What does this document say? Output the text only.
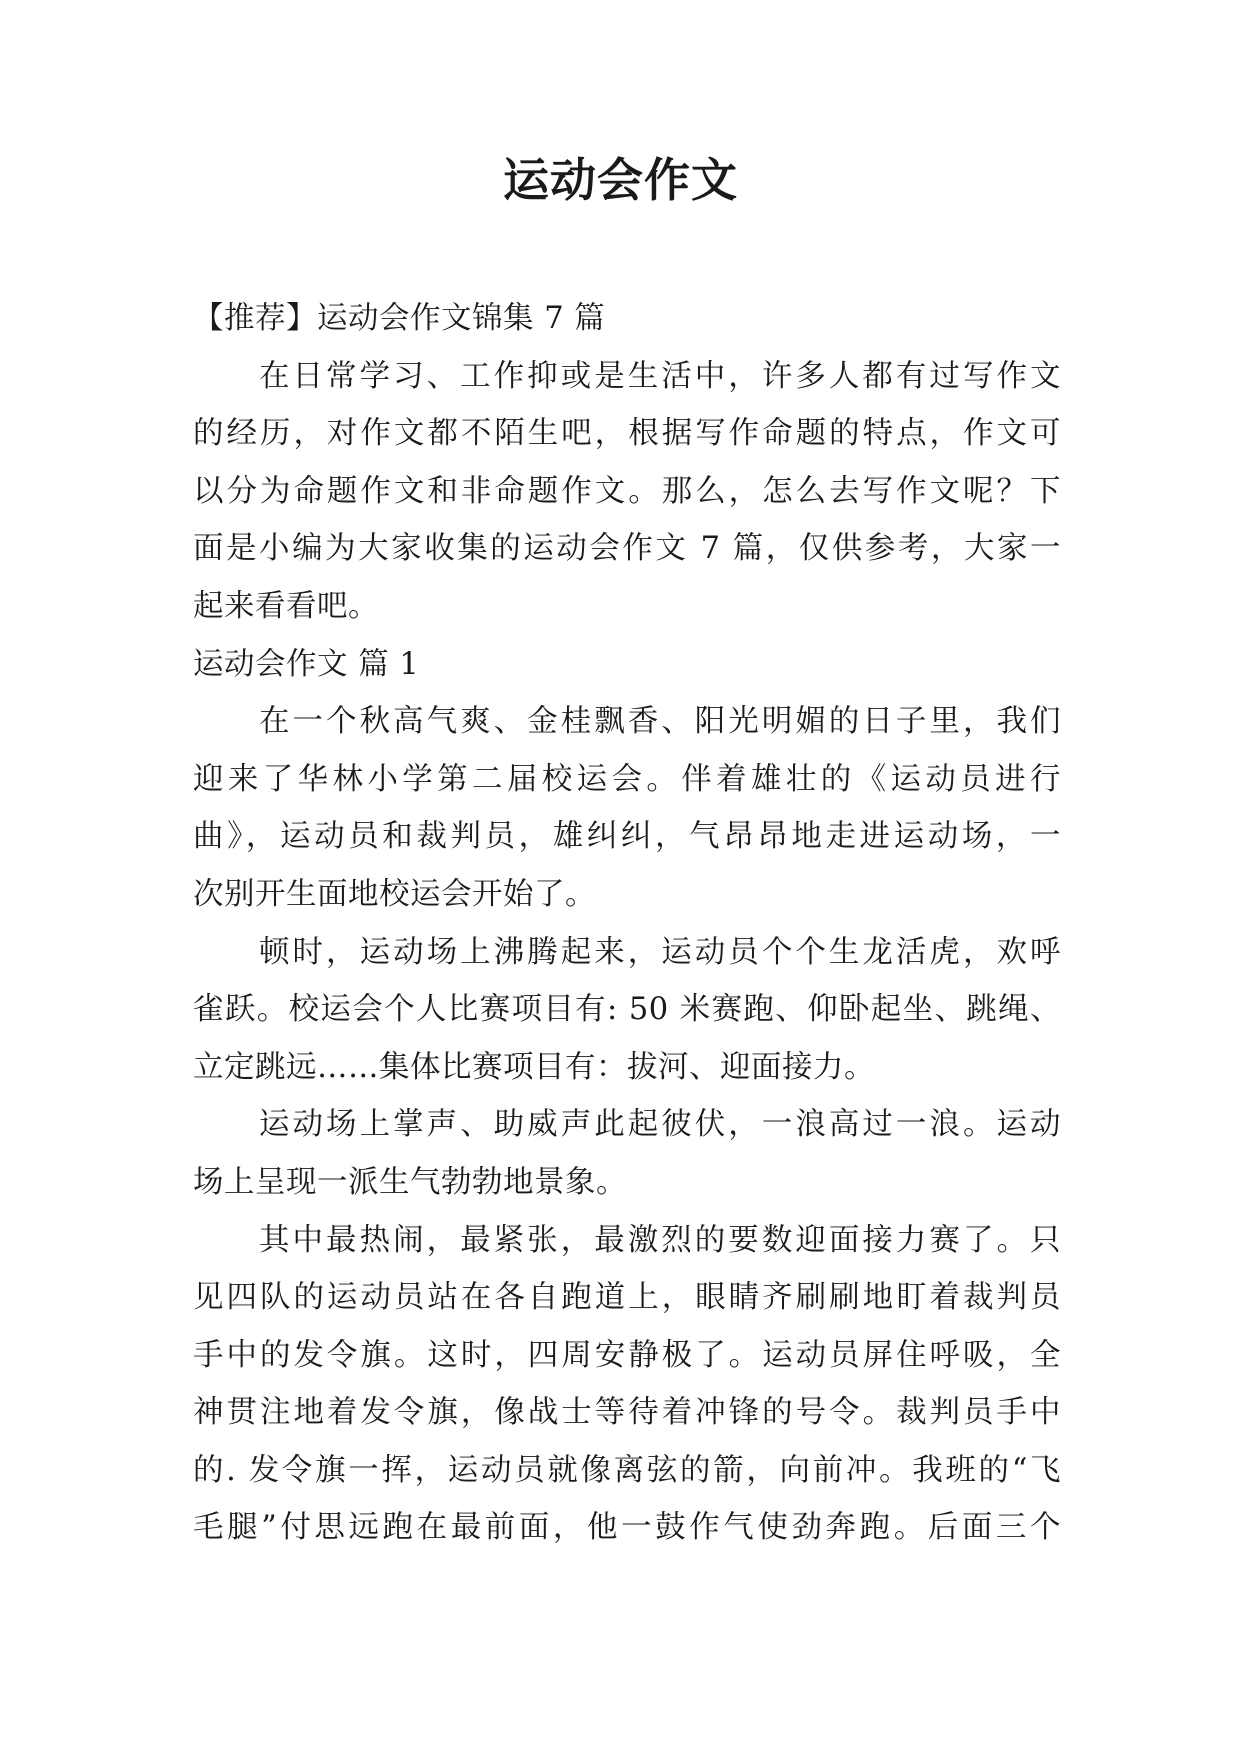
运动会作文

【推荐】运动会作文锦集 7 篇

在日常学习、工作抑或是生活中，许多人都有过写作文

的经历，对作文都不陌生吧，根据写作命题的特点，作文可

以分为命题作文和非命题作文。那么，怎么去写作文呢？下

面是小编为大家收集的运动会作文 7 篇，仅供参考，大家一

起来看看吧。

运动会作文 篇 1

在一个秋高气爽、金桂飘香、阳光明媚的日子里，我们

迎来了华林小学第二届校运会。伴着雄壮的《运动员进行

曲》，运动员和裁判员，雄纠纠，气昂昂地走进运动场，一

次别开生面地校运会开始了。

顿时，运动场上沸腾起来，运动员个个生龙活虎，欢呼

雀跃。校运会个人比赛项目有: 50 米赛跑、仰卧起坐、跳绳、

立定跳远……集体比赛项目有：拔河、迎面接力。

运动场上掌声、助威声此起彼伏，一浪高过一浪。运动

场上呈现一派生气勃勃地景象。

其中最热闹，最紧张，最激烈的要数迎面接力赛了。只

见四队的运动员站在各自跑道上，眼睛齐刷刷地盯着裁判员

手中的发令旗。这时，四周安静极了。运动员屏住呼吸，全

神贯注地着发令旗，像战士等待着冲锋的号令。裁判员手中

的. 发令旗一挥，运动员就像离弦的箭，向前冲。我班的“飞

毛腿”付思远跑在最前面，他一鼓作气使劲奔跑。后面三个
